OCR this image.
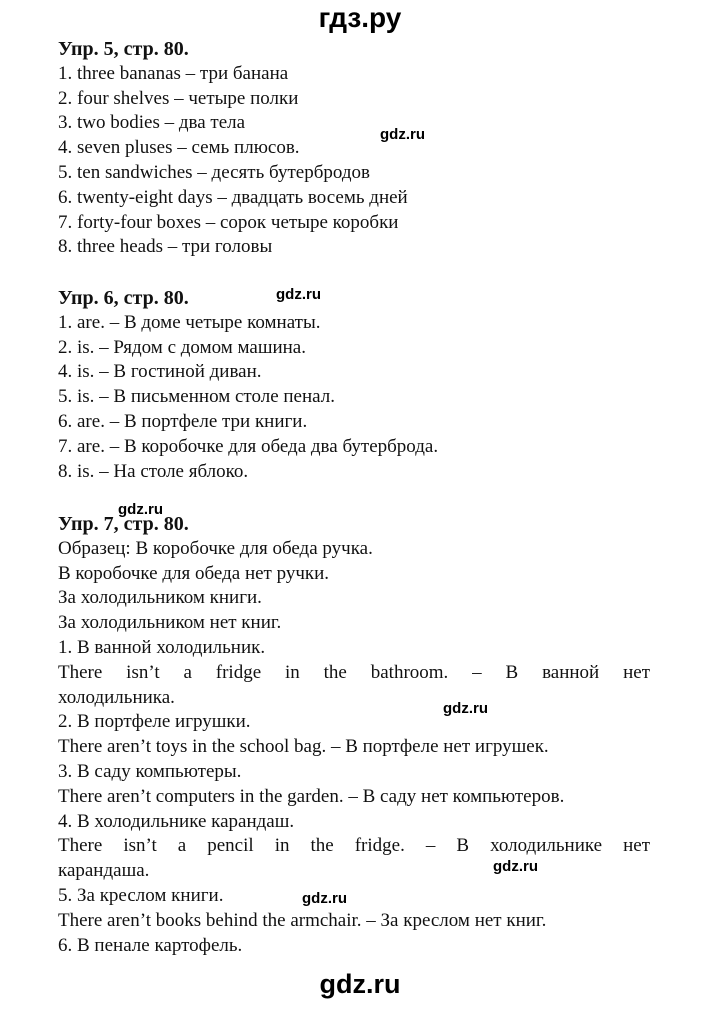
гдз.ру
Упр. 5, стр. 80.
1. three bananas – три банана
2. four shelves – четыре полки
3. two bodies – два тела
4. seven pluses – семь плюсов.
5. ten sandwiches – десять бутербродов
6. twenty-eight days – двадцать восемь дней
7. forty-four boxes – сорок четыре коробки
8. three heads – три головы
Упр. 6, стр. 80.
1. are. – В доме четыре комнаты.
2. is. – Рядом с домом машина.
4. is. – В гостиной диван.
5. is. – В письменном столе пенал.
6. are. – В портфеле три книги.
7. are. – В коробочке для обеда два бутерброда.
8. is. – На столе яблоко.
Упр. 7, стр. 80.
Образец: В коробочке для обеда ручка.
В коробочке для обеда нет ручки.
За холодильником книги.
За холодильником нет книг.
1. В ванной холодильник.
There isn’t a fridge in the bathroom. – В ванной нет
холодильника.
2. В портфеле игрушки.
There aren’t toys in the school bag. – В портфеле нет игрушек.
3. В саду компьютеры.
There aren’t computers in the garden. – В саду нет компьютеров.
4. В холодильнике карандаш.
There isn’t a pencil in the fridge. – В холодильнике нет
карандаша.
5. За креслом книги.
There aren’t books behind the armchair. – За креслом нет книг.
6. В пенале картофель.
gdz.ru
gdz.ru
gdz.ru
gdz.ru
gdz.ru
gdz.ru
gdz.ru
